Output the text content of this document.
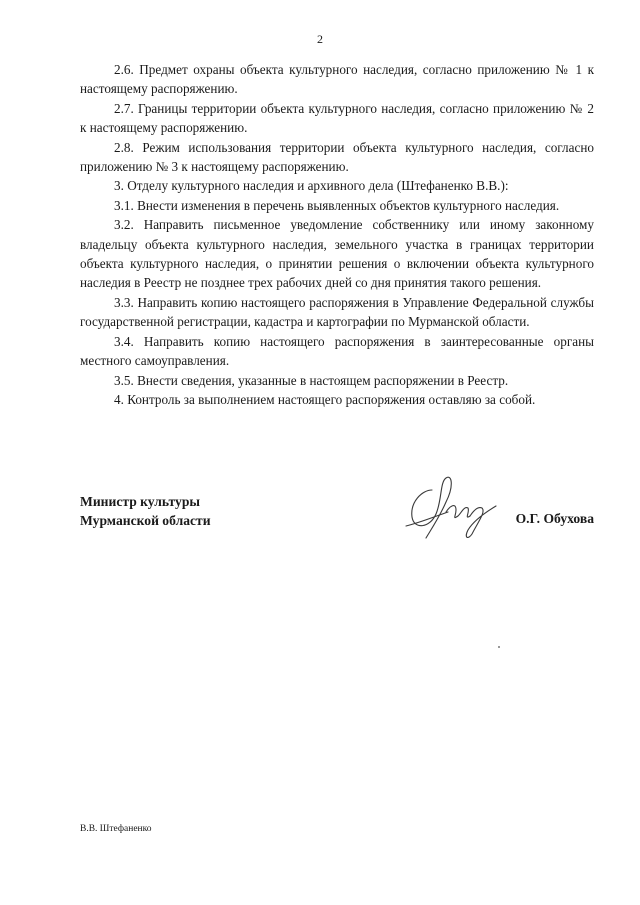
2

2.6. Предмет охраны объекта культурного наследия, согласно приложению № 1 к настоящему распоряжению.

2.7. Границы территории объекта культурного наследия, согласно приложению № 2 к настоящему распоряжению.

2.8. Режим использования территории объекта культурного наследия, согласно приложению № 3 к настоящему распоряжению.

3. Отделу культурного наследия и архивного дела (Штефаненко В.В.):

3.1. Внести изменения в перечень выявленных объектов культурного наследия.

3.2. Направить письменное уведомление собственнику или иному законному владельцу объекта культурного наследия, земельного участка в границах территории объекта культурного наследия, о принятии решения о включении объекта культурного наследия в Реестр не позднее трех рабочих дней со дня принятия такого решения.

3.3. Направить копию настоящего распоряжения в Управление Федеральной службы государственной регистрации, кадастра и картографии по Мурманской области.

3.4. Направить копию настоящего распоряжения в заинтересованные органы местного самоуправления.

3.5. Внести сведения, указанные в настоящем распоряжении в Реестр.

4. Контроль за выполнением настоящего распоряжения оставляю за собой.

Министр культуры
Мурманской области	О.Г. Обухова
В.В. Штефаненко
